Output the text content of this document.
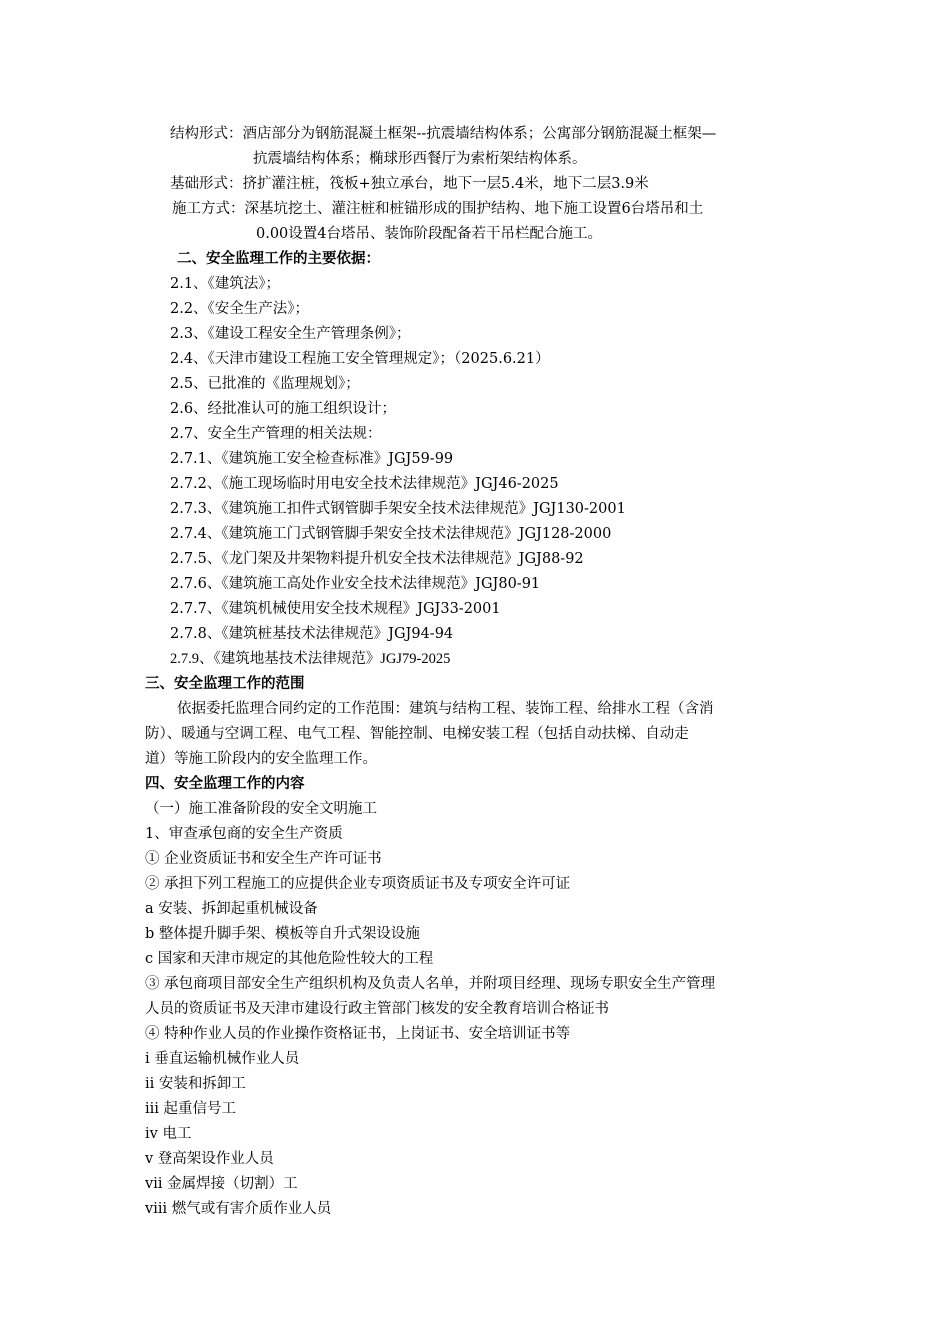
结构形式：酒店部分为钢筋混凝土框架--抗震墙结构体系；公寓部分钢筋混凝土框架—
抗震墙结构体系；椭球形西餐厅为索桁架结构体系。
基础形式：挤扩灌注桩，筏板+独立承台，地下一层5.4米，地下二层3.9米
施工方式：深基坑挖土、灌注桩和桩锚形成的围护结构、地下施工设置6台塔吊和土
0.00设置4台塔吊、装饰阶段配备若干吊栏配合施工。
二、安全监理工作的主要依据：
2.1、《建筑法》；
2.2、《安全生产法》；
2.3、《建设工程安全生产管理条例》；
2.4、《天津市建设工程施工安全管理规定》；（2025.6.21）
2.5、已批准的《监理规划》；
2.6、经批准认可的施工组织设计；
2.7、安全生产管理的相关法规：
2.7.1、《建筑施工安全检查标准》JGJ59-99
2.7.2、《施工现场临时用电安全技术法律规范》JGJ46-2025
2.7.3、《建筑施工扣件式钢管脚手架安全技术法律规范》JGJ130-2001
2.7.4、《建筑施工门式钢管脚手架安全技术法律规范》JGJ128-2000
2.7.5、《龙门架及井架物料提升机安全技术法律规范》JGJ88-92
2.7.6、《建筑施工高处作业安全技术法律规范》JGJ80-91
2.7.7、《建筑机械使用安全技术规程》JGJ33-2001
2.7.8、《建筑桩基技术法律规范》JGJ94-94
2.7.9、《建筑地基技术法律规范》JGJ79-2025
三、安全监理工作的范围
依据委托监理合同约定的工作范围：建筑与结构工程、装饰工程、给排水工程（含消
防）、暖通与空调工程、电气工程、智能控制、电梯安装工程（包括自动扶梯、自动走
道）等施工阶段内的安全监理工作。
四、安全监理工作的内容
（一）施工准备阶段的安全文明施工
1、审查承包商的安全生产资质
① 企业资质证书和安全生产许可证书
② 承担下列工程施工的应提供企业专项资质证书及专项安全许可证
a 安装、拆卸起重机械设备
b 整体提升脚手架、模板等自升式架设设施
c 国家和天津市规定的其他危险性较大的工程
③ 承包商项目部安全生产组织机构及负责人名单，并附项目经理、现场专职安全生产管理
人员的资质证书及天津市建设行政主管部门核发的安全教育培训合格证书
④ 特种作业人员的作业操作资格证书，上岗证书、安全培训证书等
ⅰ 垂直运输机械作业人员
ⅱ 安装和拆卸工
ⅲ 起重信号工
ⅳ 电工
ⅴ 登高架设作业人员
ⅶ 金属焊接（切割）工
ⅷ 燃气或有害介质作业人员
